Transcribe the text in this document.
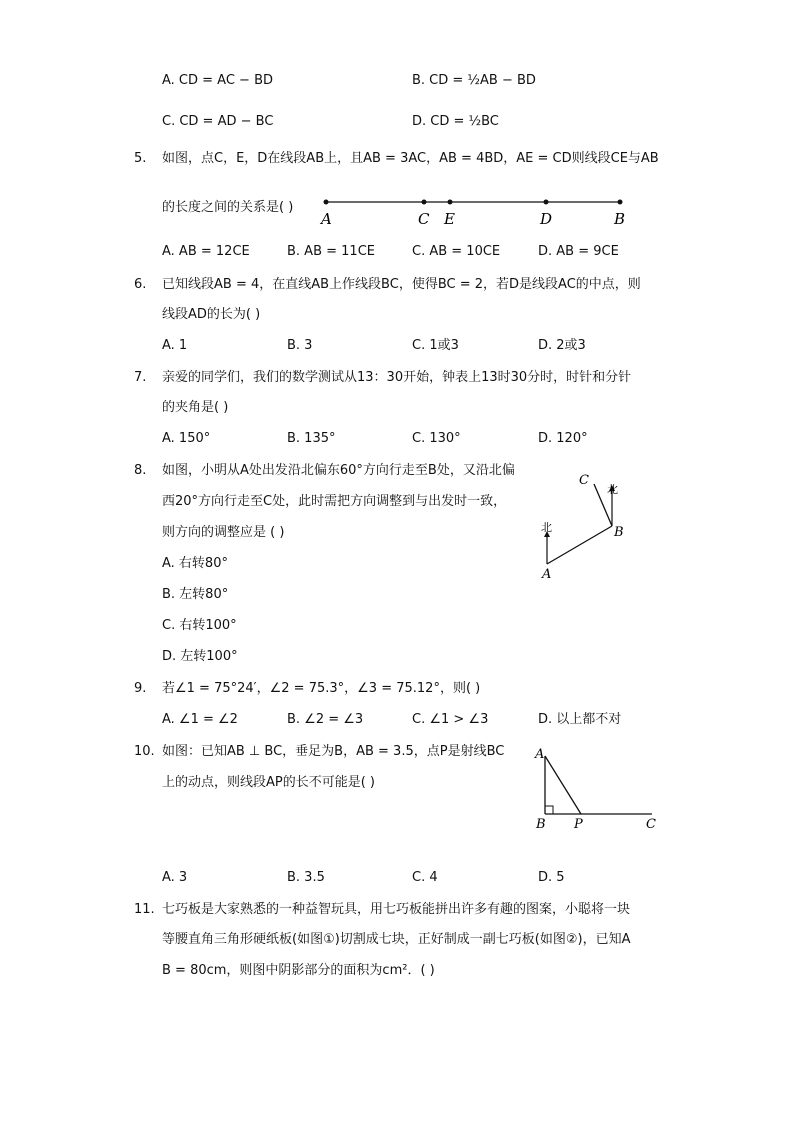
A. CD = AC − BD	B. CD = ½AB − BD
C. CD = AD − BC	D. CD = ½BC
5. 如图，点C，E，D在线段AB上，且AB = 3AC，AB = 4BD，AE = CD则线段CE与AB
的长度之间的关系是( )
A	C E	D	B
A. AB = 12CE	B. AB = 11CE	C. AB = 10CE	D. AB = 9CE
6. 已知线段AB = 4，在直线AB上作线段BC，使得BC = 2，若D是线段AC的中点，则
线段AD的长为( )
A. 1	B. 3	C. 1或3	D. 2或3
7. 亲爱的同学们，我们的数学测试从13：30开始，钟表上13时30分时，时针和分针
的夹角是( )
A. 150°	B. 135°	C. 130°	D. 120°
8. 如图，小明从A处出发沿北偏东60°方向行走至B处，又沿北偏
西20°方向行走至C处，此时需把方向调整到与出发时一致，
则方向的调整应是 ( )
A. 右转80°
B. 左转80°
C. 右转100°
D. 左转100°
北
北
A
B
C
9. 若∠1 = 75°24′，∠2 = 75.3°，∠3 = 75.12°，则( )
A. ∠1 = ∠2	B. ∠2 = ∠3	C. ∠1 > ∠3	D. 以上都不对
10. 如图：已知AB ⊥ BC，垂足为B，AB = 3.5，点P是射线BC
上的动点，则线段AP的长不可能是( )
A
B P	C
A. 3	B. 3.5	C. 4	D. 5
11. 七巧板是大家熟悉的一种益智玩具，用七巧板能拼出许多有趣的图案，小聪将一块
等腰直角三角形硬纸板(如图①)切割成七块，正好制成一副七巧板(如图②)，已知A
B = 80cm，则图中阴影部分的面积为cm²．( )
